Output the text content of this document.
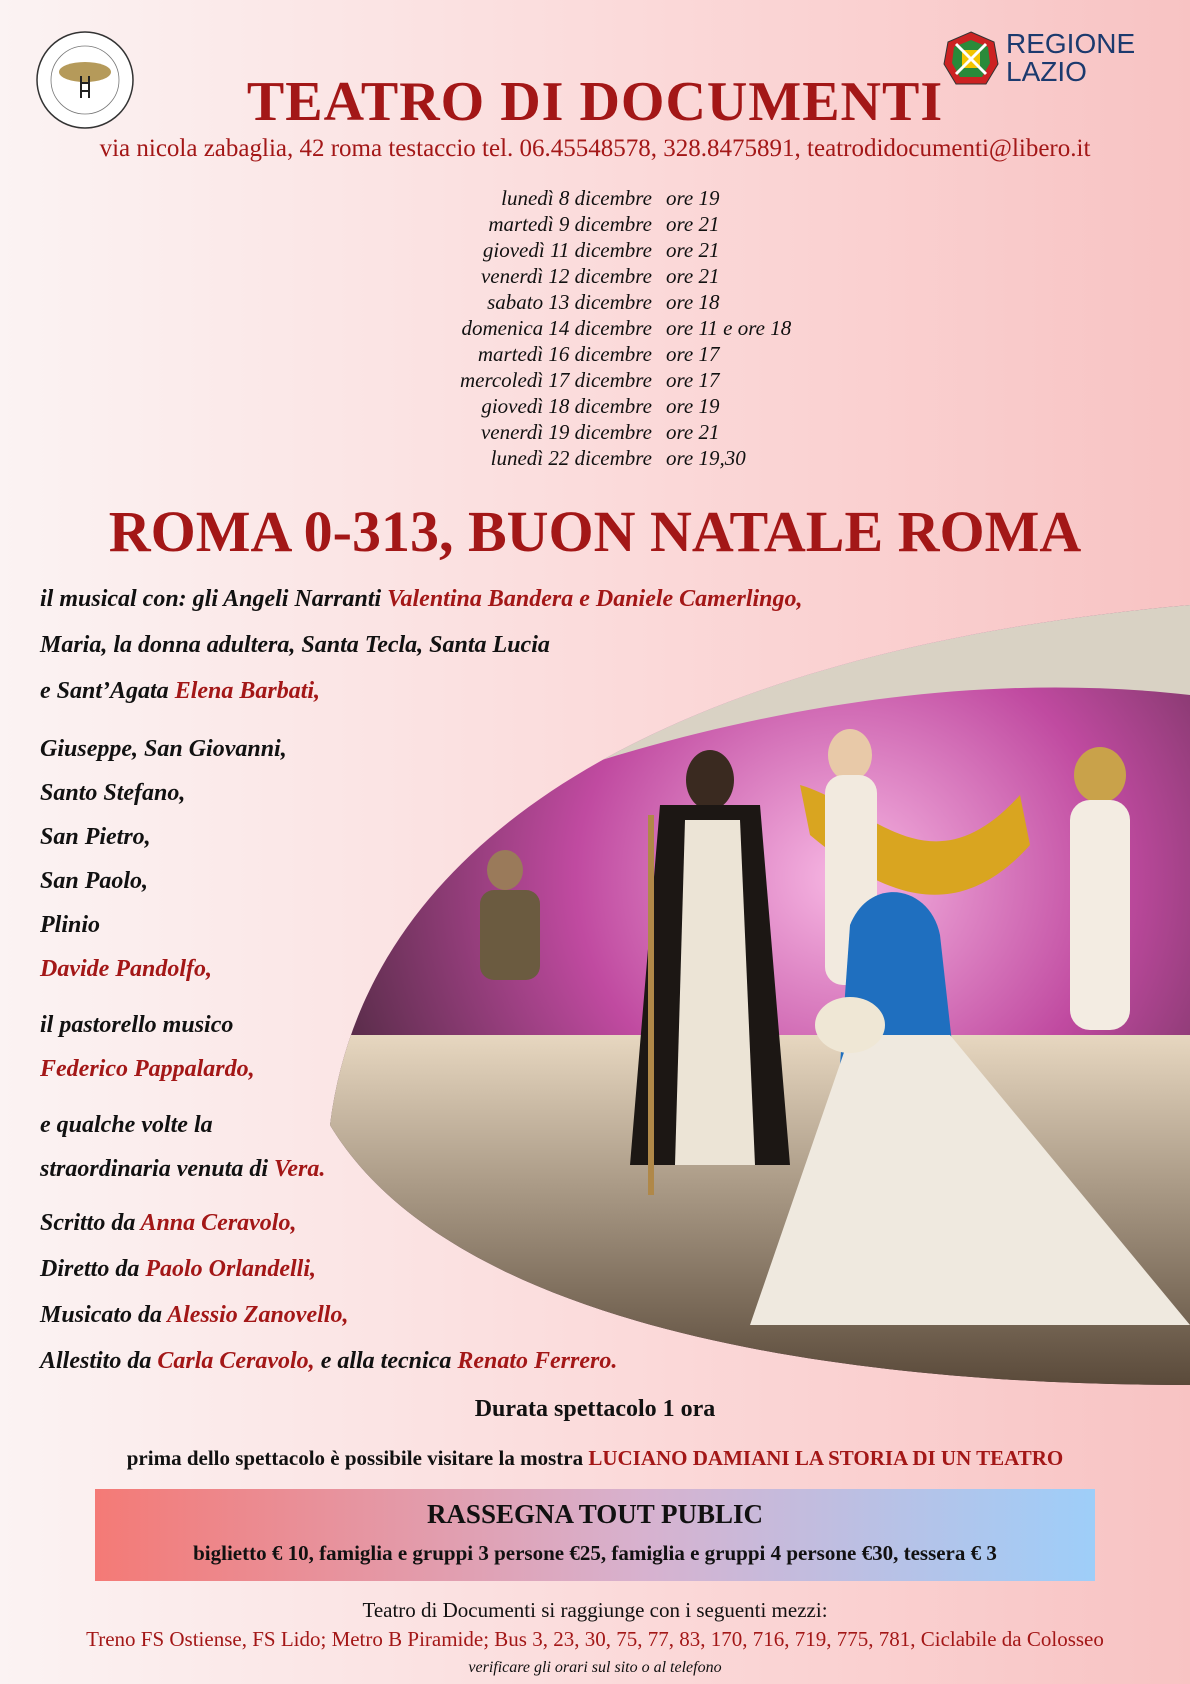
REGIONE
LAZIO
TEATRO DI DOCUMENTI
via nicola zabaglia, 42 roma testaccio tel. 06.45548578, 328.8475891, teatrodidocumenti@libero.it
lunedì 8 dicembre ore 19
martedì 9 dicembre ore 21
giovedì 11 dicembre ore 21
venerdì 12 dicembre ore 21
sabato 13 dicembre ore 18
domenica 14 dicembre ore 11 e ore 18
martedì 16 dicembre ore 17
mercoledì 17 dicembre ore 17
giovedì 18 dicembre ore 19
venerdì 19 dicembre ore 21
lunedì 22 dicembre ore 19,30
ROMA 0-313, BUON NATALE ROMA
il musical con: gli Angeli Narranti Valentina Bandera e Daniele Camerlingo,
Maria, la donna adultera, Santa Tecla, Santa Lucia
e Sant’Agata Elena Barbati,
Giuseppe, San Giovanni,
Santo Stefano,
San Pietro,
San Paolo,
Plinio
Davide Pandolfo,
il pastorello musico
Federico Pappalardo,
e qualche volte la
straordinaria venuta di Vera.
Scritto da Anna Ceravolo,
Diretto da Paolo Orlandelli,
Musicato da Alessio Zanovello,
Allestito da Carla Ceravolo, e alla tecnica Renato Ferrero.
Durata spettacolo 1 ora
prima dello spettacolo è possibile visitare la mostra LUCIANO DAMIANI LA STORIA DI UN TEATRO
RASSEGNA TOUT PUBLIC
biglietto € 10, famiglia e gruppi 3 persone €25, famiglia e gruppi 4 persone €30, tessera € 3
Teatro di Documenti si raggiunge con i seguenti mezzi:
Treno FS Ostiense, FS Lido; Metro B Piramide; Bus 3, 23, 30, 75, 77, 83, 170, 716, 719, 775, 781, Ciclabile da Colosseo
verificare gli orari sul sito o al telefono
